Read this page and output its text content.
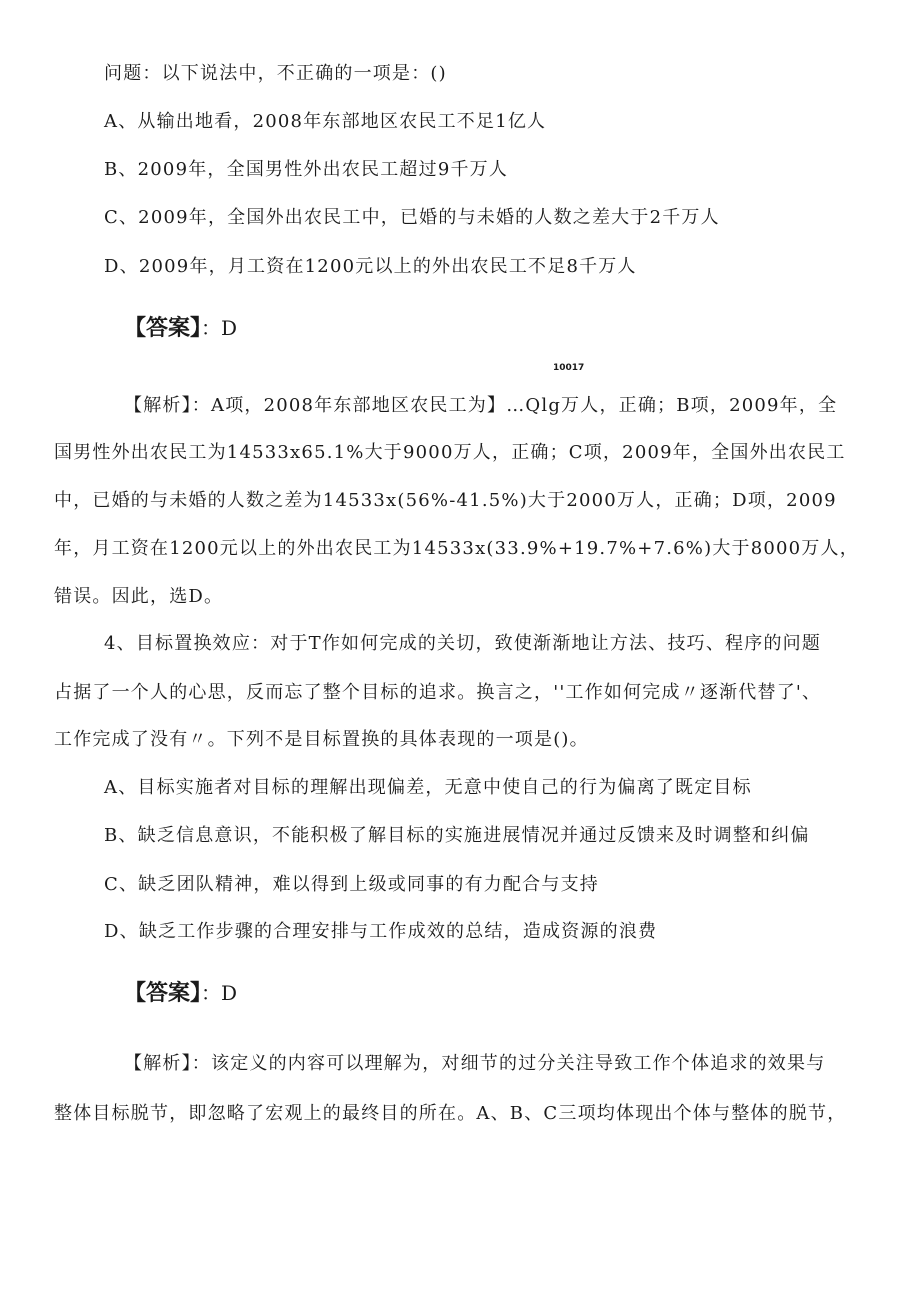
问题：以下说法中，不正确的一项是：()
A、从输出地看，2008年东部地区农民工不足1亿人
B、2009年，全国男性外出农民工超过9千万人
C、2009年，全国外出农民工中，已婚的与未婚的人数之差大于2千万人
D、2009年，月工资在1200元以上的外出农民工不足8千万人
【答案】：D
10017
【解析】：A项，2008年东部地区农民工为】…Qlg万人，正确；B项，2009年，全
国男性外出农民工为14533x65.1%大于9000万人，正确；C项，2009年，全国外出农民工
中，已婚的与未婚的人数之差为14533x(56%-41.5%)大于2000万人，正确；D项，2009
年，月工资在1200元以上的外出农民工为14533x(33.9%+19.7%+7.6%)大于8000万人，
错误。因此，选D。
4、目标置换效应：对于T作如何完成的关切，致使渐渐地让方法、技巧、程序的问题
占据了一个人的心思，反而忘了整个目标的追求。换言之，''工作如何完成〃逐渐代替了'、
工作完成了没有〃。下列不是目标置换的具体表现的一项是()。
A、目标实施者对目标的理解出现偏差，无意中使自己的行为偏离了既定目标
B、缺乏信息意识，不能积极了解目标的实施进展情况并通过反馈来及时调整和纠偏
C、缺乏团队精神，难以得到上级或同事的有力配合与支持
D、缺乏工作步骤的合理安排与工作成效的总结，造成资源的浪费
【答案】：D
【解析】：该定义的内容可以理解为，对细节的过分关注导致工作个体追求的效果与
整体目标脱节，即忽略了宏观上的最终目的所在。A、B、C三项均体现出个体与整体的脱节，
